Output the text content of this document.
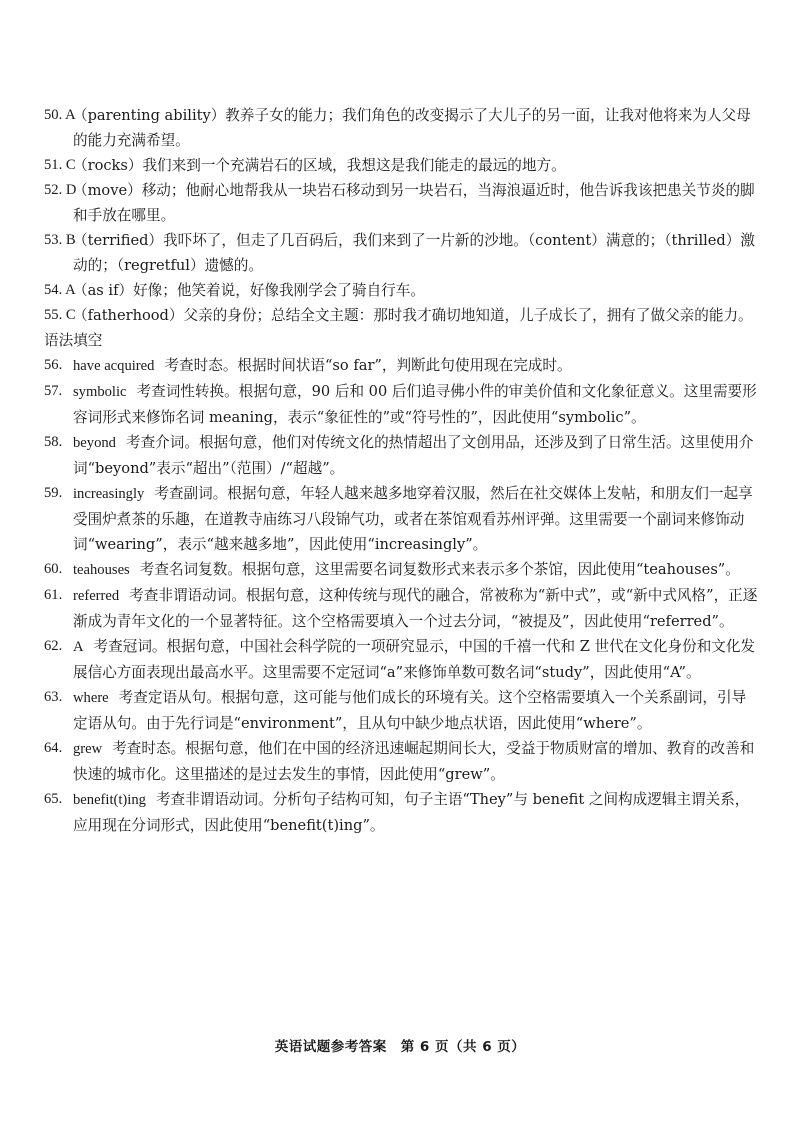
50. A
（parenting ability）教养子女的能力；我们角色的改变揭示了大儿子的另一面，让我对他将来为人父母的能力充满希望。
51. C
（rocks）我们来到一个充满岩石的区域，我想这是我们能走的最远的地方。
52. D
（move）移动；他耐心地帮我从一块岩石移动到另一块岩石，当海浪逼近时，他告诉我该把患关节炎的脚和手放在哪里。
53. B
（terrified）我吓坏了，但走了几百码后，我们来到了一片新的沙地。（content）满意的；（thrilled）激动的；（regretful）遗憾的。
54. A
（as if）好像；他笑着说，好像我刚学会了骑自行车。
55. C
（fatherhood）父亲的身份；总结全文主题：那时我才确切地知道，儿子成长了，拥有了做父亲的能力。
语法填空
56. have acquired 考查时态。根据时间状语“so far”，判断此句使用现在完成时。
57. symbolic 考查词性转换。根据句意，90 后和 00 后们追寻佛小件的审美价值和文化象征意义。这里需要形容词形式来修饰名词 meaning，表示“象征性的”或“符号性的”，因此使用“symbolic”。
58. beyond 考查介词。根据句意，他们对传统文化的热情超出了文创用品，还涉及到了日常生活。这里使用介词“beyond”表示“超出”（范围）/“超越”。
59. increasingly 考查副词。根据句意，年轻人越来越多地穿着汉服，然后在社交媒体上发帖，和朋友们一起享受围炉煮茶的乐趣，在道教寺庙练习八段锦气功，或者在茶馆观看苏州评弹。这里需要一个副词来修饰动词“wearing”，表示“越来越多地”，因此使用“increasingly”。
60. teahouses 考查名词复数。根据句意，这里需要名词复数形式来表示多个茶馆，因此使用“teahouses”。
61. referred 考查非谓语动词。根据句意，这种传统与现代的融合，常被称为“新中式”，或“新中式风格”，正逐渐成为青年文化的一个显著特征。这个空格需要填入一个过去分词，“被提及”，因此使用“referred”。
62. A 考查冠词。根据句意，中国社会科学院的一项研究显示，中国的千禧一代和 Z 世代在文化身份和文化发展信心方面表现出最高水平。这里需要不定冠词“a”来修饰单数可数名词“study”，因此使用“A”。
63. where 考查定语从句。根据句意，这可能与他们成长的环境有关。这个空格需要填入一个关系副词，引导定语从句。由于先行词是“environment”，且从句中缺少地点状语，因此使用“where”。
64. grew 考查时态。根据句意，他们在中国的经济迅速崛起期间长大，受益于物质财富的增加、教育的改善和快速的城市化。这里描述的是过去发生的事情，因此使用“grew”。
65. benefit(t)ing 考查非谓语动词。分析句子结构可知，句子主语“They”与 benefit 之间构成逻辑主谓关系，应用现在分词形式，因此使用“benefit(t)ing”。
英语试题参考答案　第 6 页（共 6 页）
